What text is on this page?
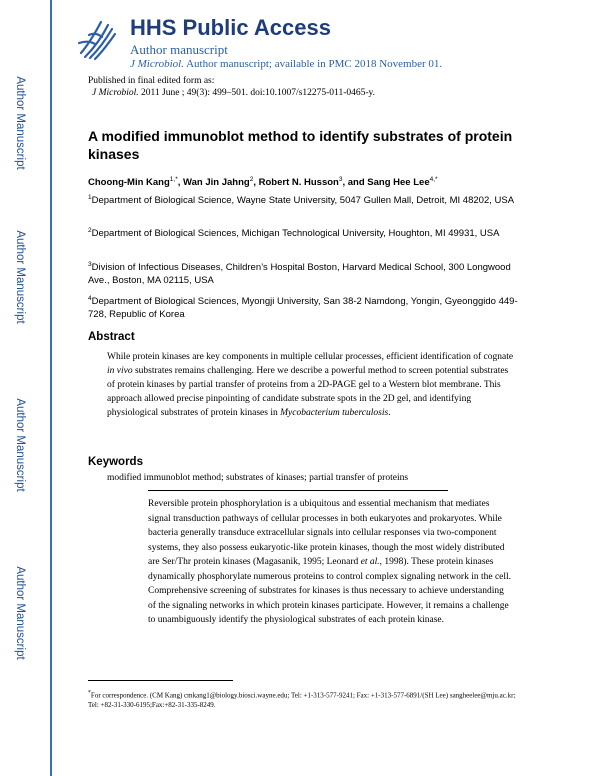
Author Manuscript
Author Manuscript
Author Manuscript
Author Manuscript
HHS Public Access
Author manuscript
J Microbiol. Author manuscript; available in PMC 2018 November 01.
Published in final edited form as:
J Microbiol. 2011 June ; 49(3): 499–501. doi:10.1007/s12275-011-0465-y.
A modified immunoblot method to identify substrates of protein kinases
Choong-Min Kang$^{1,*}$, Wan Jin Jahng$^2$, Robert N. Husson$^3$, and Sang Hee Lee$^{4,*}$
$^1$Department of Biological Science, Wayne State University, 5047 Gullen Mall, Detroit, MI 48202, USA
$^2$Department of Biological Sciences, Michigan Technological University, Houghton, MI 49931, USA
$^3$Division of Infectious Diseases, Children’s Hospital Boston, Harvard Medical School, 300 Longwood Ave., Boston, MA 02115, USA
$^4$Department of Biological Sciences, Myongji University, San 38-2 Namdong, Yongin, Gyeonggido 449-728, Republic of Korea
Abstract
While protein kinases are key components in multiple cellular processes, efficient identification of cognate in vivo substrates remains challenging. Here we describe a powerful method to screen potential substrates of protein kinases by partial transfer of proteins from a 2D-PAGE gel to a Western blot membrane. This approach allowed precise pinpointing of candidate substrate spots in the 2D gel, and identifying physiological substrates of protein kinases in Mycobacterium tuberculosis.
Keywords
modified immunoblot method; substrates of kinases; partial transfer of proteins
Reversible protein phosphorylation is a ubiquitous and essential mechanism that mediates signal transduction pathways of cellular processes in both eukaryotes and prokaryotes. While bacteria generally transduce extracellular signals into cellular responses via two-component systems, they also possess eukaryotic-like protein kinases, though the most widely distributed are Ser/Thr protein kinases (Magasanik, 1995; Leonard et al., 1998). These protein kinases dynamically phosphorylate numerous proteins to control complex signaling network in the cell. Comprehensive screening of substrates for kinases is thus necessary to achieve understanding of the signaling networks in which protein kinases participate. However, it remains a challenge to unambiguously identify the physiological substrates of each protein kinase.
*For correspondence. (CM Kang) cmkang1@biology.biosci.wayne.edu; Tel: +1-313-577-9241; Fax: +1-313-577-6891/(SH Lee) sangheelee@mju.ac.kr; Tel: +82-31-330-6195;Fax:+82-31-335-8249.
